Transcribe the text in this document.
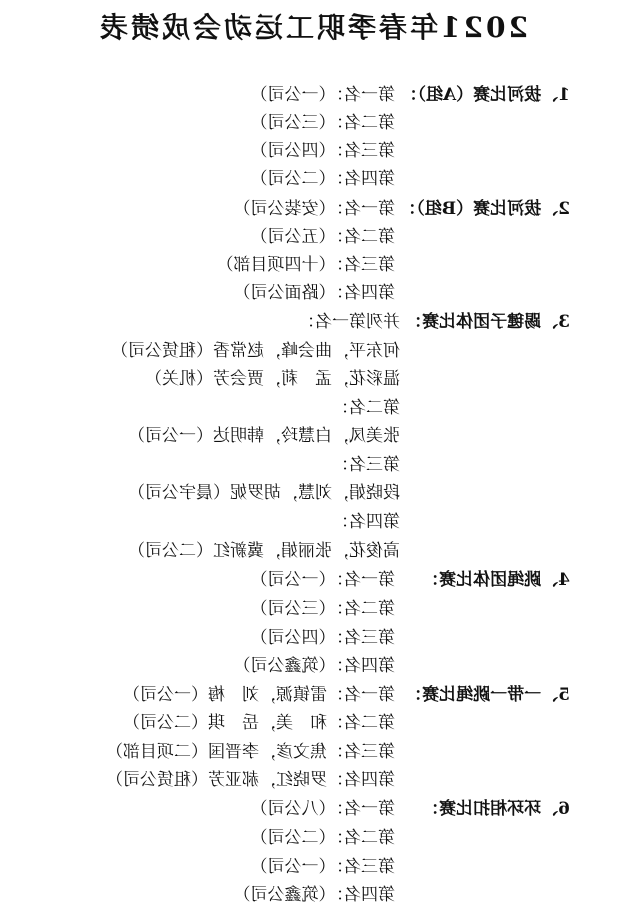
2021年春季职工运动会成绩表
1、拔河比赛（A组）：
第一名：（一公司）
第二名：（三公司）
第三名：（四公司）
第四名：（二公司）
2、拔河比赛（B组）：
第一名：（安装公司）
第二名：（五公司）
第三名：（十四项目部）
第四名：（路面公司）
3、踢毽子团体比赛：
并列第一名：
何东平，曲会峰，赵常香（租赁公司）
温彩花，孟　莉，贾会芳（机关）
第二名：
张美凤，白慧玲，韩明达（一公司）
第三名：
段晓娟，刘慧，胡罗妮（晨宇公司）
第四名：
高俊花，张丽娟，冀新红（二公司）
4、跳绳团体比赛：
第一名：（一公司）
第二名：（三公司）
第三名：（四公司）
第四名：（筑鑫公司）
5、一带一跳绳比赛：
第一名：雷镇源，刘　梅（一公司）
第二名：和　美，岳　琪（二公司）
第三名：焦文彦，李晋国（二项目部）
第四名：罗晓红，郝亚芳（租赁公司）
6、环环相扣比赛：
第一名：（八公司）
第二名：（二公司）
第三名：（一公司）
第四名：（筑鑫公司）
